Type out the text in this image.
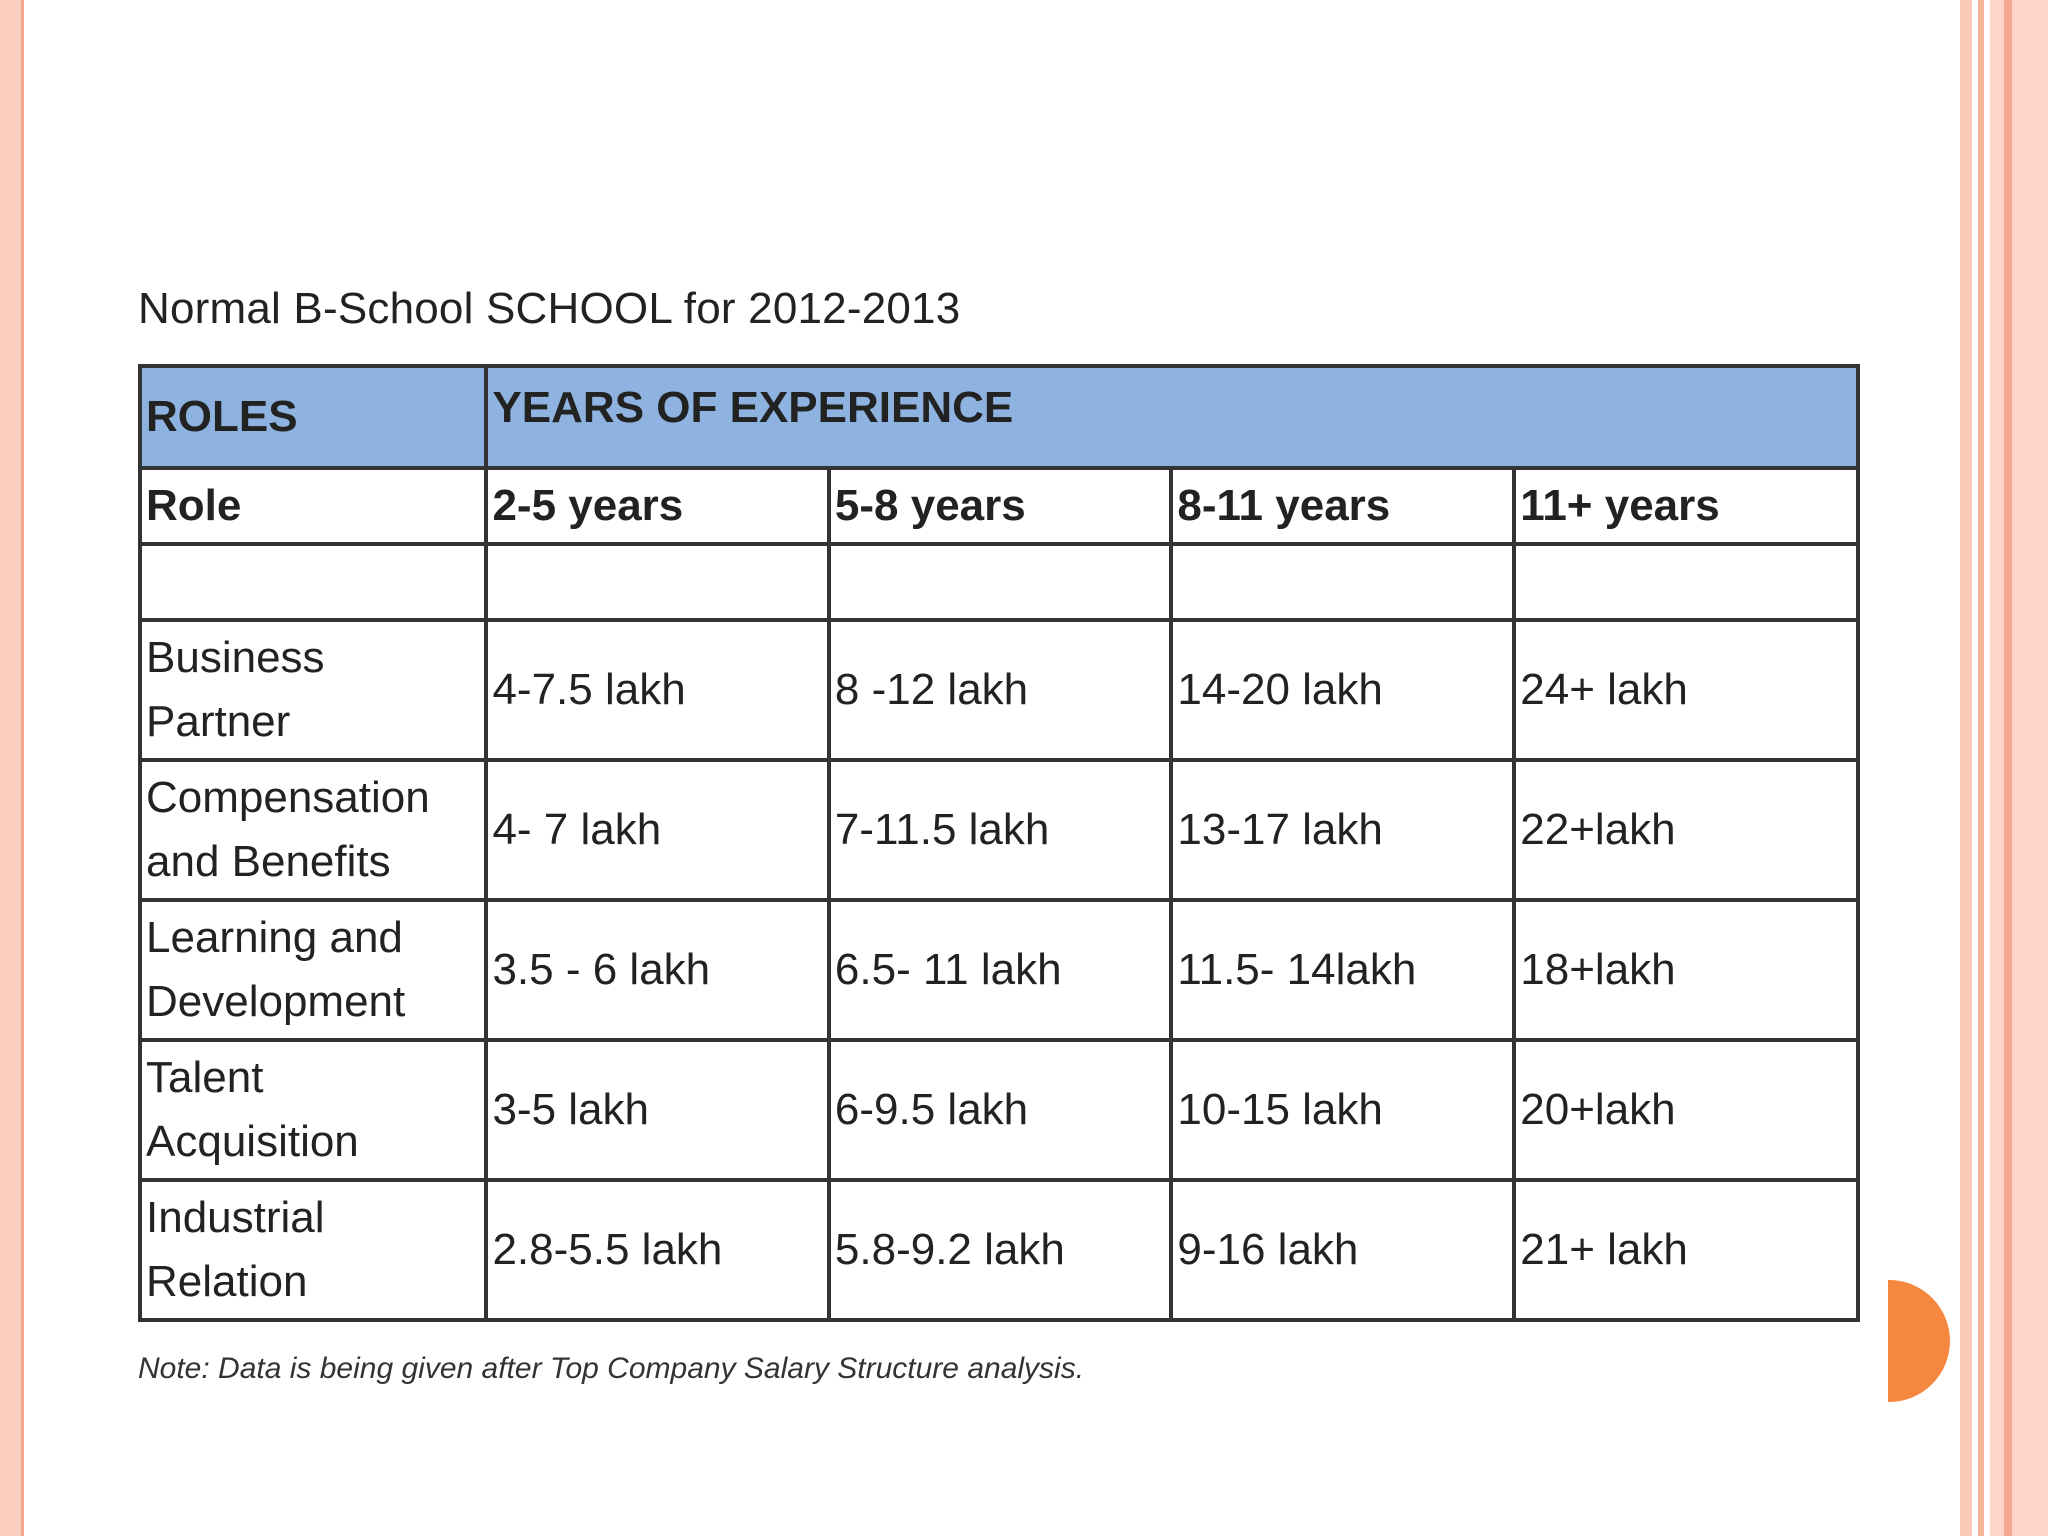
Normal B-School SCHOOL for 2012-2013
ROLES	YEARS OF EXPERIENCE			
Role	2-5 years	5-8 years	8-11 years	11+ years

Business Partner	4-7.5 lakh	8 -12 lakh	14-20 lakh	24+ lakh
Compensation and Benefits	4- 7 lakh	7-11.5 lakh	13-17 lakh	22+lakh
Learning and Development	3.5 - 6 lakh	6.5- 11 lakh	11.5- 14lakh	18+lakh
Talent Acquisition	3-5 lakh	6-9.5 lakh	10-15 lakh	20+lakh
Industrial Relation	2.8-5.5 lakh	5.8-9.2 lakh	9-16 lakh	21+ lakh
Note: Data is being given after Top Company Salary Structure analysis.
